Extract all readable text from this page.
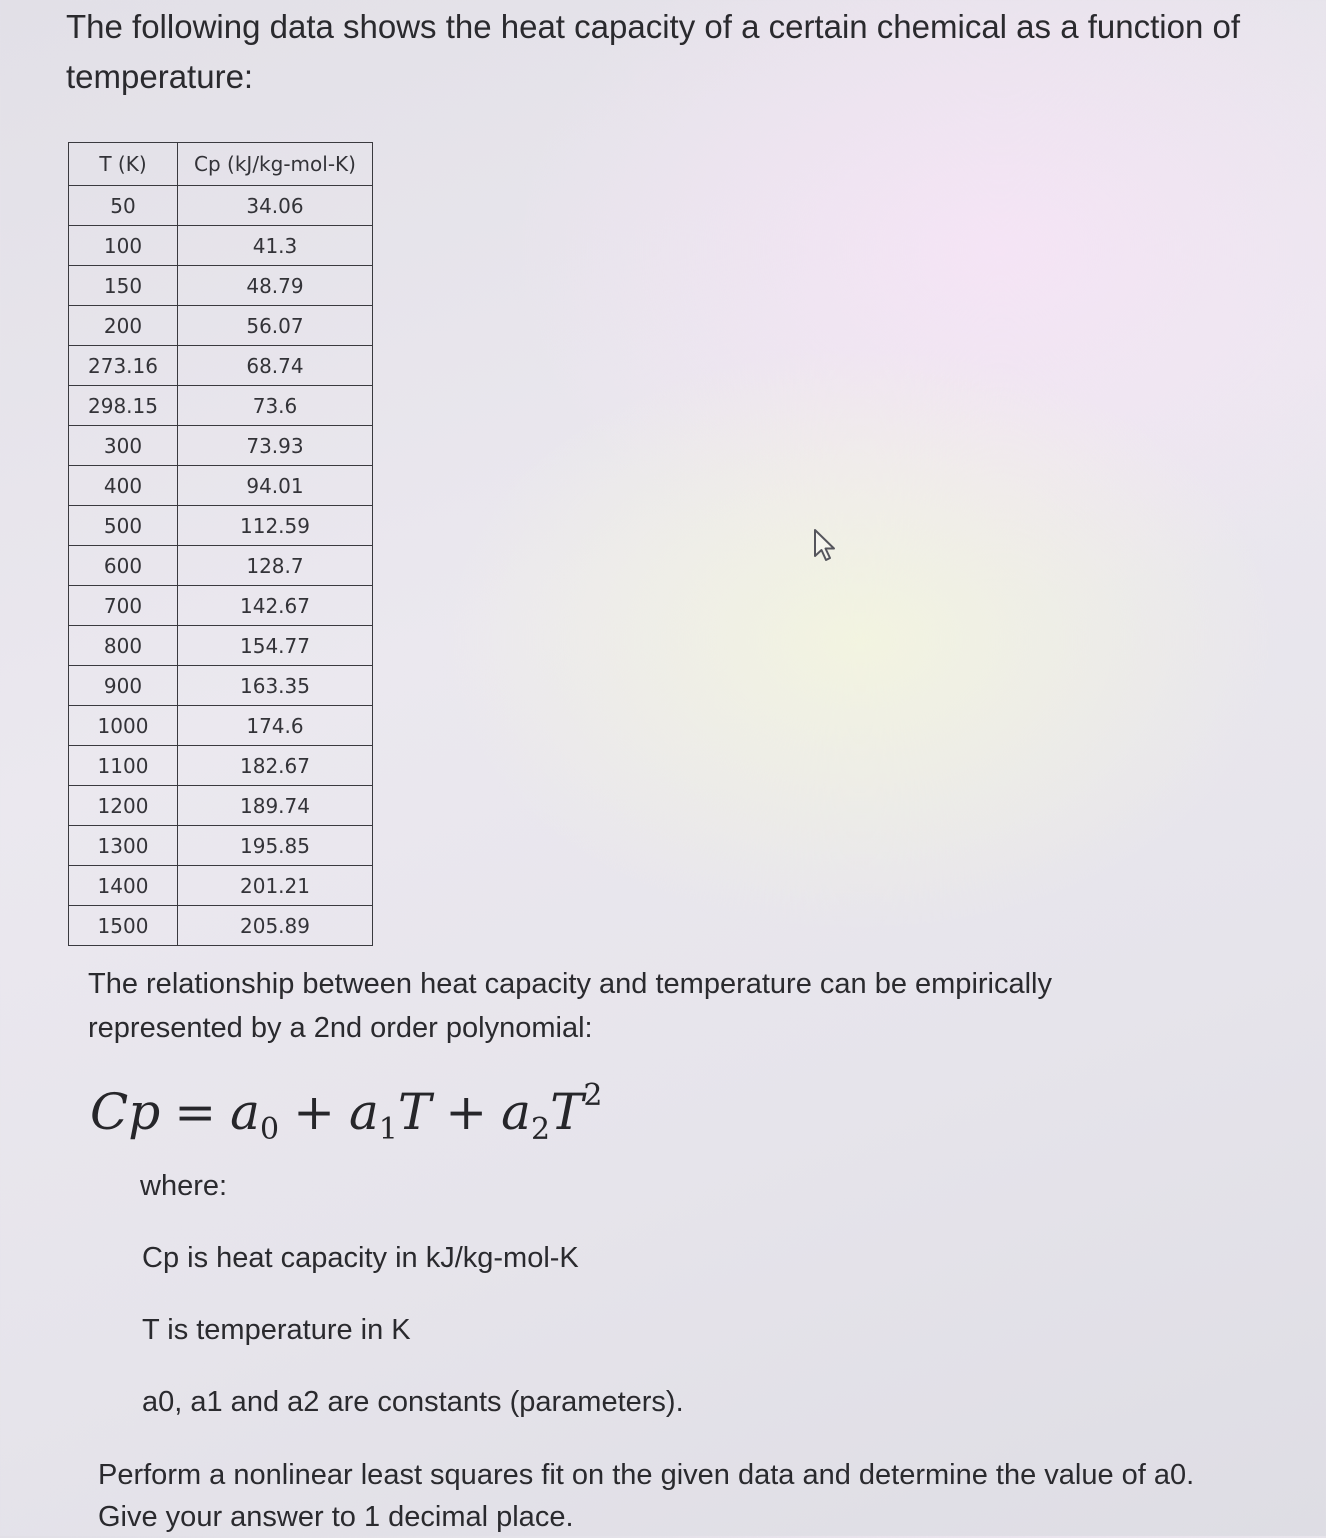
The following data shows the heat capacity of a certain chemical as a function of temperature:

T (K)	Cp (kJ/kg-mol-K)
50	34.06
100	41.3
150	48.79
200	56.07
273.16	68.74
298.15	73.6
300	73.93
400	94.01
500	112.59
600	128.7
700	142.67
800	154.77
900	163.35
1000	174.6
1100	182.67
1200	189.74
1300	195.85
1400	201.21
1500	205.89

The relationship between heat capacity and temperature can be empirically represented by a 2nd order polynomial:

$Cp = a_0 + a_1T + a_2T^2$

where:

Cp is heat capacity in kJ/kg-mol-K

T is temperature in K

a0, a1 and a2 are constants (parameters).

Perform a nonlinear least squares fit on the given data and determine the value of a0. Give your answer to 1 decimal place.
